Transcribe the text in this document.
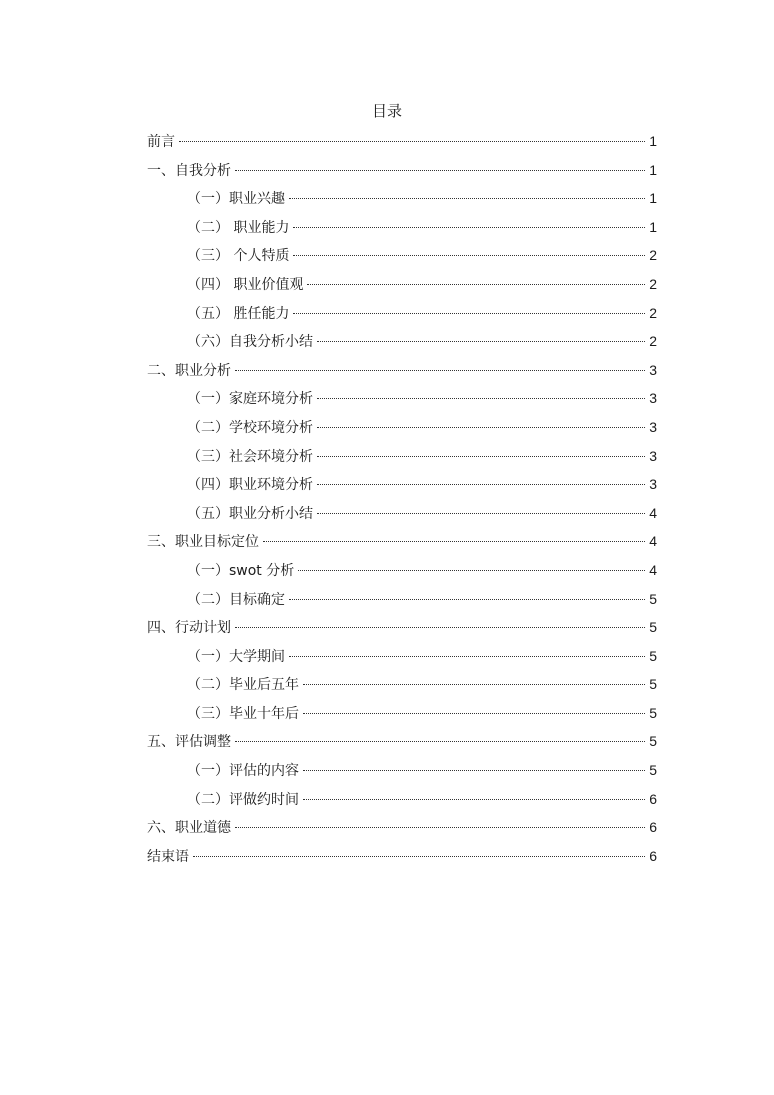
目录
前言	1
一、自我分析	1
（一）职业兴趣	1
（二） 职业能力	1
（三） 个人特质	2
（四） 职业价值观	2
（五） 胜任能力	2
（六）自我分析小结	2
二、职业分析	3
（一）家庭环境分析	3
（二）学校环境分析	3
（三）社会环境分析	3
（四）职业环境分析	3
（五）职业分析小结	4
三、职业目标定位	4
（一）swot 分析	4
（二）目标确定	5
四、行动计划	5
（一）大学期间	5
（二）毕业后五年	5
（三）毕业十年后	5
五、评估调整	5
（一）评估的内容	5
（二）评做约时间	6
六、职业道德	6
结束语	6
